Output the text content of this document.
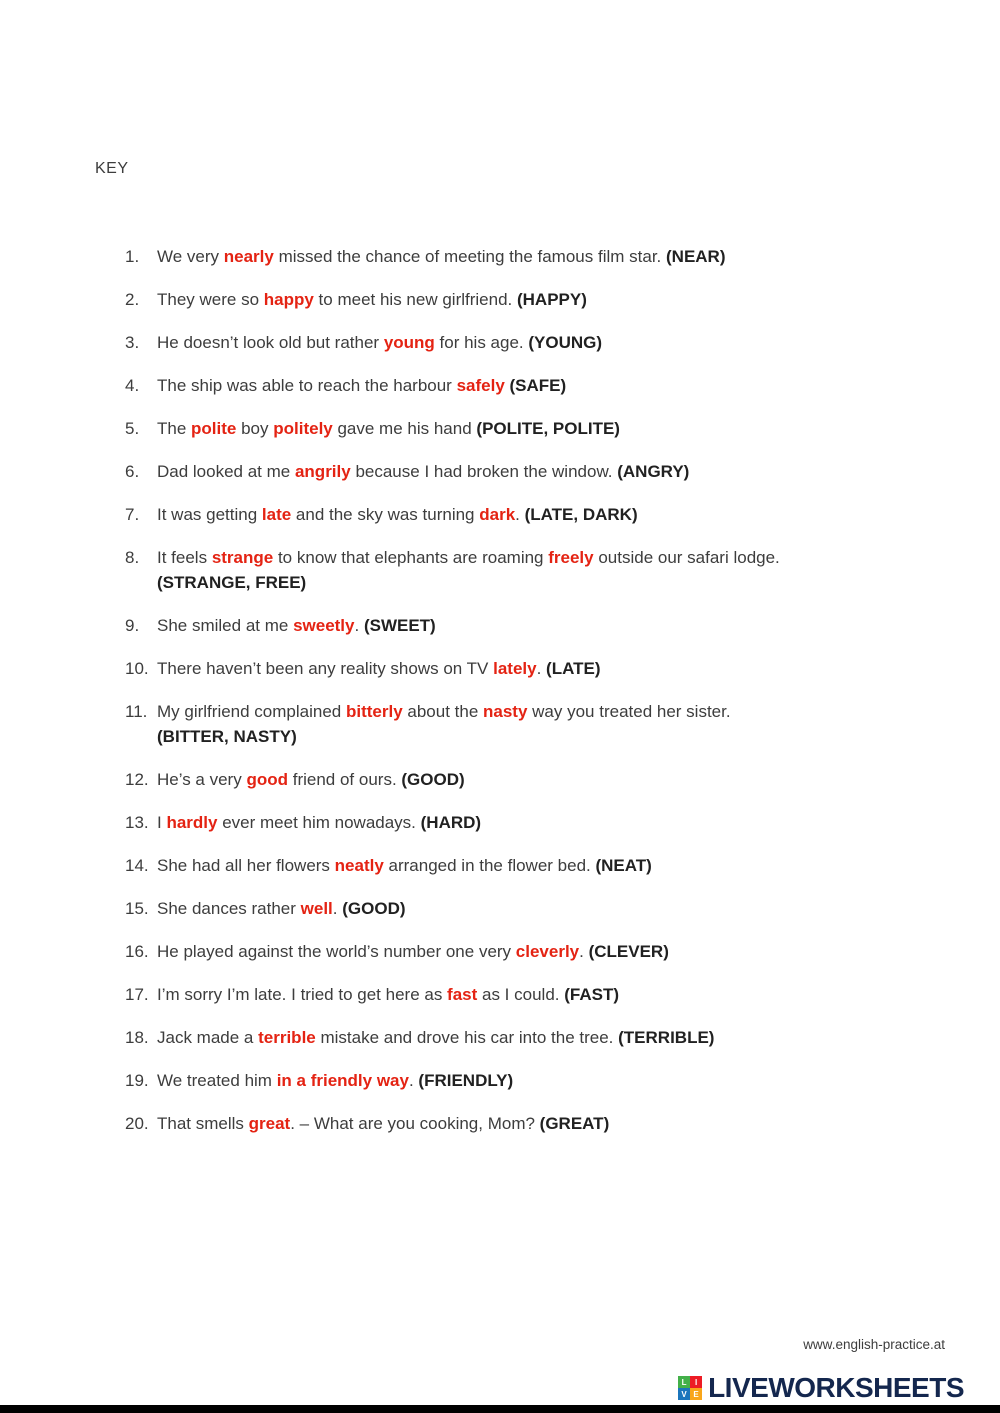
KEY
1.	We very nearly missed the chance of meeting the famous film star. (NEAR)
2.	They were so happy to meet his new girlfriend. (HAPPY)
3.	He doesn’t look old but rather young for his age. (YOUNG)
4.	The ship was able to reach the harbour safely (SAFE)
5.	The polite boy politely gave me his hand (POLITE, POLITE)
6.	Dad looked at me angrily because I had broken the window. (ANGRY)
7.	It was getting late and the sky was turning dark. (LATE, DARK)
8.	It feels strange to know that elephants are roaming freely outside our safari lodge.
(STRANGE, FREE)
9.	She smiled at me sweetly. (SWEET)
10. There haven’t been any reality shows on TV lately. (LATE)
11. My girlfriend complained bitterly about the nasty way you treated her sister.
(BITTER, NASTY)
12. He’s a very good friend of ours. (GOOD)
13. I hardly ever meet him nowadays. (HARD)
14. She had all her flowers neatly arranged in the flower bed. (NEAT)
15. She dances rather well. (GOOD)
16. He played against the world’s number one very cleverly. (CLEVER)
17. I’m sorry I’m late. I tried to get here as fast as I could. (FAST)
18. Jack made a terrible mistake and drove his car into the tree. (TERRIBLE)
19. We treated him in a friendly way. (FRIENDLY)
20. That smells great. – What are you cooking, Mom? (GREAT)
www.english-practice.at
L	I
V E LIVEWORKSHEETS
